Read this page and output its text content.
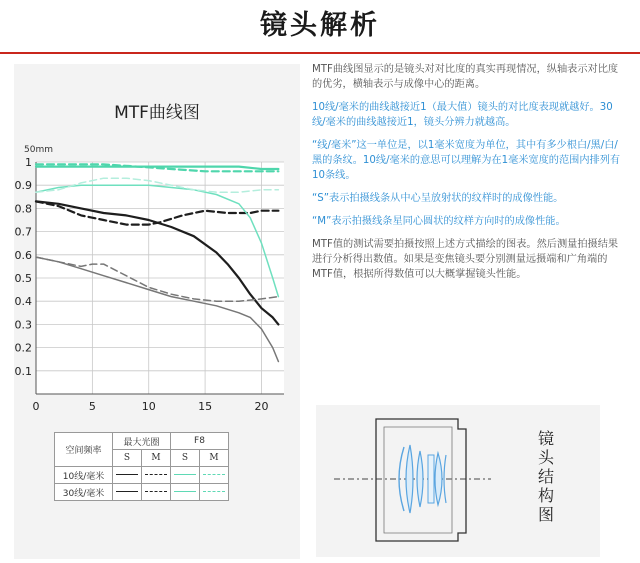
镜头解析
MTF曲线图
0.1
0.2
0.3
0.4
0.5
0.6
0.7
0.8
0.9
1
0	5	10	15	20
50mm
空间频率	最大光圈		F8	
	S	M	S	M
10线/毫米				
30线/毫米				

MTF曲线图显示的是镜头对对比度的真实再现情况，纵轴表示对比度的优劣，横轴表示与成像中心的距离。

10线/毫米的曲线越接近1（最大值）镜头的对比度表现就越好。30线/毫米的曲线越接近1，镜头分辨力就越高。

“线/毫米”这一单位是，以1毫米宽度为单位，其中有多少根白/黑/白/黑的条纹。10线/毫米的意思可以理解为在1毫米宽度的范围内排列有10条线。

“S”表示拍摄线条从中心呈放射状的纹样时的成像性能。

“M”表示拍摄线条星同心圆状的纹样方向时的成像性能。

MTF值的测试需要拍摄按照上述方式描绘的图表。然后测量拍摄结果进行分析得出数值。如果是变焦镜头要分别测量远摄端和广角端的MTF值，根据所得数值可以大概掌握镜头性能。

镜头结构图
